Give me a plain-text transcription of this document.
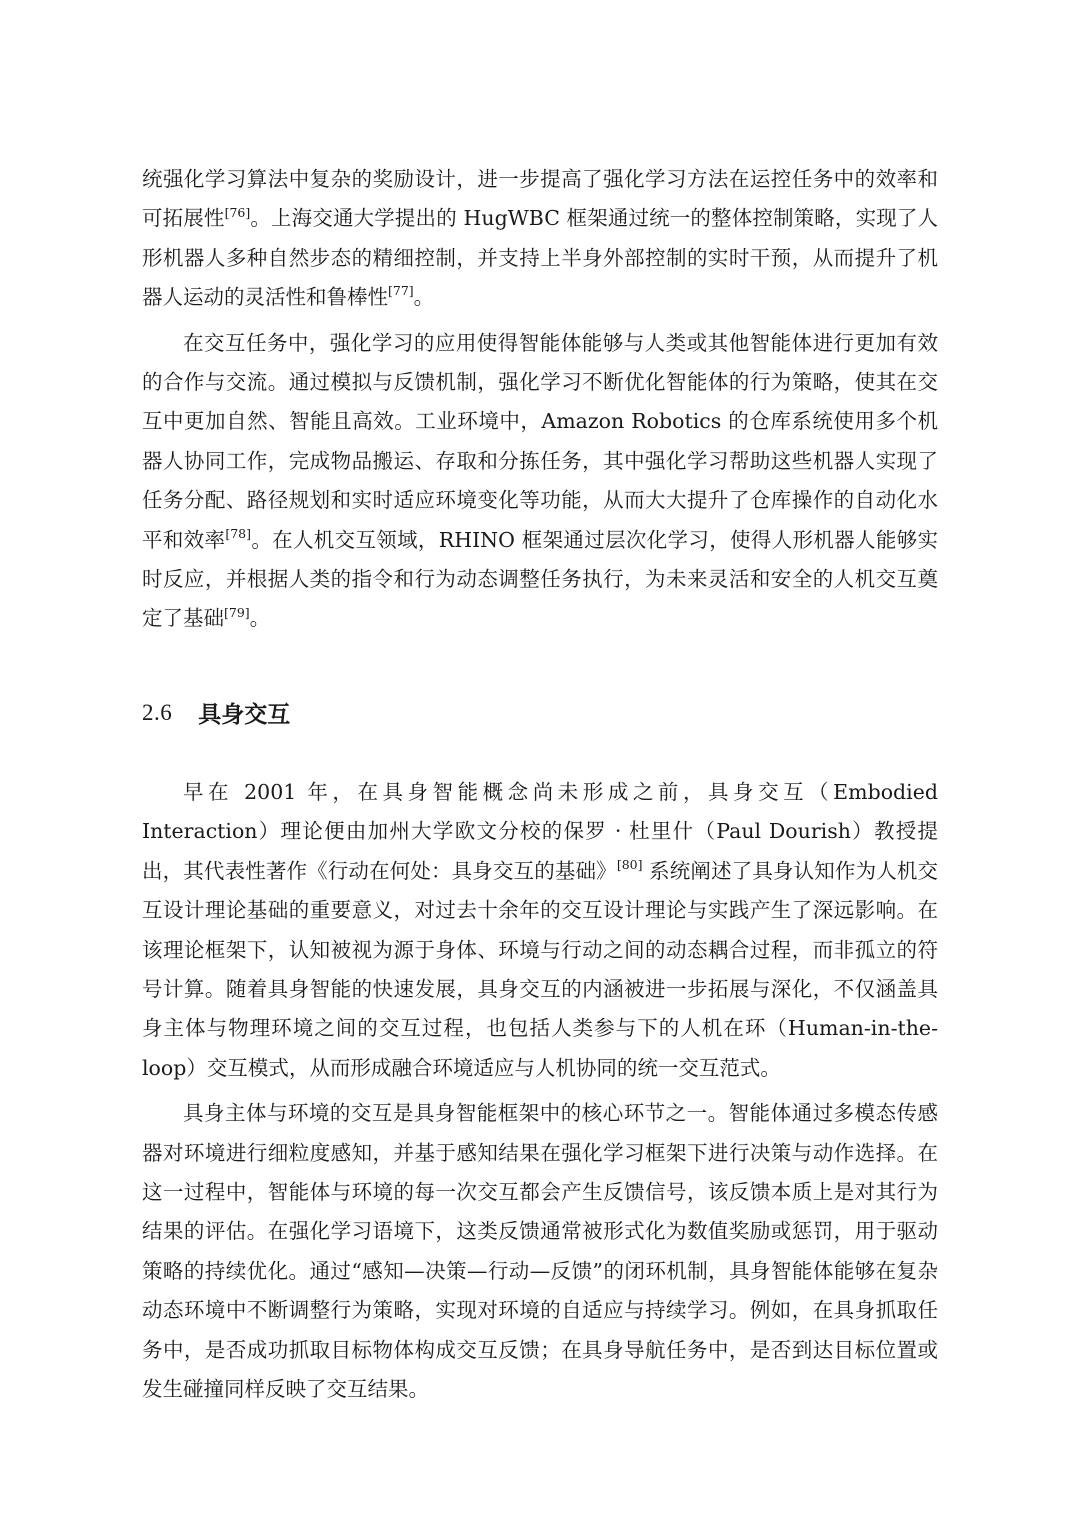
统强化学习算法中复杂的奖励设计，进一步提高了强化学习方法在运控任务中的效率和可拓展性[76]。上海交通大学提出的 HugWBC 框架通过统一的整体控制策略，实现了人形机器人多种自然步态的精细控制，并支持上半身外部控制的实时干预，从而提升了机器人运动的灵活性和鲁棒性[77]。

在交互任务中，强化学习的应用使得智能体能够与人类或其他智能体进行更加有效的合作与交流。通过模拟与反馈机制，强化学习不断优化智能体的行为策略，使其在交互中更加自然、智能且高效。工业环境中，Amazon Robotics 的仓库系统使用多个机器人协同工作，完成物品搬运、存取和分拣任务，其中强化学习帮助这些机器人实现了任务分配、路径规划和实时适应环境变化等功能，从而大大提升了仓库操作的自动化水平和效率[78]。在人机交互领域，RHINO 框架通过层次化学习，使得人形机器人能够实时反应，并根据人类的指令和行为动态调整任务执行，为未来灵活和安全的人机交互奠定了基础[79]。

2.6 具身交互

早在 2001 年，在具身智能概念尚未形成之前，具身交互（Embodied Interaction）理论便由加州大学欧文分校的保罗 · 杜里什（Paul Dourish）教授提出，其代表性著作《行动在何处：具身交互的基础》[80] 系统阐述了具身认知作为人机交互设计理论基础的重要意义，对过去十余年的交互设计理论与实践产生了深远影响。在该理论框架下，认知被视为源于身体、环境与行动之间的动态耦合过程，而非孤立的符号计算。随着具身智能的快速发展，具身交互的内涵被进一步拓展与深化，不仅涵盖具身主体与物理环境之间的交互过程，也包括人类参与下的人机在环（Human-in-the-loop）交互模式，从而形成融合环境适应与人机协同的统一交互范式。

具身主体与环境的交互是具身智能框架中的核心环节之一。智能体通过多模态传感器对环境进行细粒度感知，并基于感知结果在强化学习框架下进行决策与动作选择。在这一过程中，智能体与环境的每一次交互都会产生反馈信号，该反馈本质上是对其行为结果的评估。在强化学习语境下，这类反馈通常被形式化为数值奖励或惩罚，用于驱动策略的持续优化。通过“感知—决策—行动—反馈”的闭环机制，具身智能体能够在复杂动态环境中不断调整行为策略，实现对环境的自适应与持续学习。例如，在具身抓取任务中，是否成功抓取目标物体构成交互反馈；在具身导航任务中，是否到达目标位置或发生碰撞同样反映了交互结果。
